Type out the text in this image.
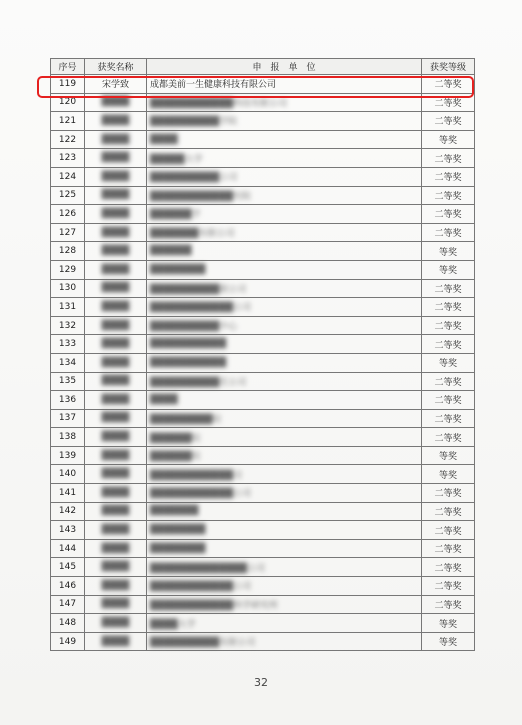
序号	获奖名称	申　报　单　位	获奖等级
119	宋学致	成都美前一生健康科技有限公司	二等奖
120	████	████████████科技有限公司	二等奖
121	████	██████████学院	二等奖
122	████	████	等奖
123	████	█████大学	二等奖
124	████	██████████公司	二等奖
125	████	████████████究院	二等奖
126	████	██████学	二等奖
127	████	███████有限公司	二等奖
128	████	██████	等奖
129	████	████████	等奖
130	████	██████████限公司	二等奖
131	████	████████████公司	二等奖
132	████	██████████中心	二等奖
133	████	███████████	二等奖
134	████	███████████	等奖
135	████	██████████任公司	二等奖
136	████	████	二等奖
137	████	█████████院	二等奖
138	████	██████院	二等奖
139	████	██████院	等奖
140	████	████████████司	等奖
141	████	████████████公司	二等奖
142	████	███████	二等奖
143	████	████████	二等奖
144	████	████████	二等奖
145	████	██████████████公司	二等奖
146	████	████████████公司	二等奖
147	████	████████████科学研究所	二等奖
148	████	████大学	等奖
149	████	██████████有限公司	等奖
32
